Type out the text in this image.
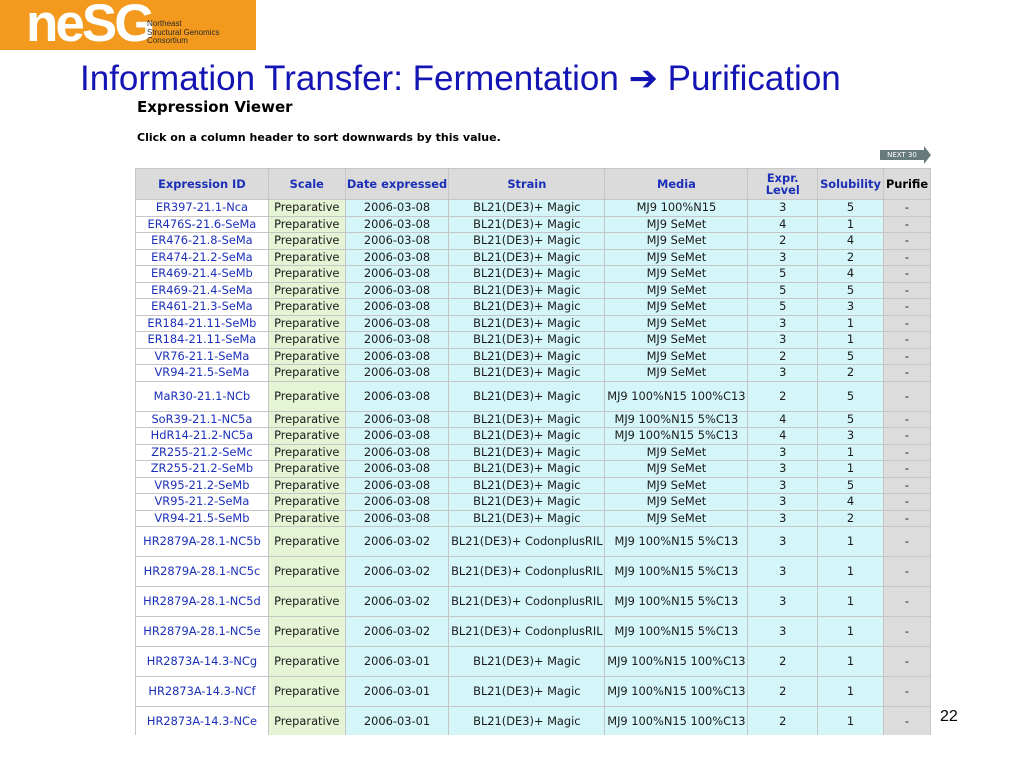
neSG
Northeast
Structural Genomics
Consortium
Information Transfer: Fermentation ➔ Purification
Expression Viewer
Click on a column header to sort downwards by this value.
NEXT 30
Expression ID	Scale	Date expressed	Strain	Media	Expr. Level	Solubility	Purifie
ER397-21.1-Nca	Preparative	2006-03-08	BL21(DE3)+ Magic	MJ9 100%N15	3	5	-
ER476S-21.6-SeMa	Preparative	2006-03-08	BL21(DE3)+ Magic	MJ9 SeMet	4	1	-
ER476-21.8-SeMa	Preparative	2006-03-08	BL21(DE3)+ Magic	MJ9 SeMet	2	4	-
ER474-21.2-SeMa	Preparative	2006-03-08	BL21(DE3)+ Magic	MJ9 SeMet	3	2	-
ER469-21.4-SeMb	Preparative	2006-03-08	BL21(DE3)+ Magic	MJ9 SeMet	5	4	-
ER469-21.4-SeMa	Preparative	2006-03-08	BL21(DE3)+ Magic	MJ9 SeMet	5	5	-
ER461-21.3-SeMa	Preparative	2006-03-08	BL21(DE3)+ Magic	MJ9 SeMet	5	3	-
ER184-21.11-SeMb	Preparative	2006-03-08	BL21(DE3)+ Magic	MJ9 SeMet	3	1	-
ER184-21.11-SeMa	Preparative	2006-03-08	BL21(DE3)+ Magic	MJ9 SeMet	3	1	-
VR76-21.1-SeMa	Preparative	2006-03-08	BL21(DE3)+ Magic	MJ9 SeMet	2	5	-
VR94-21.5-SeMa	Preparative	2006-03-08	BL21(DE3)+ Magic	MJ9 SeMet	3	2	-
MaR30-21.1-NCb	Preparative	2006-03-08	BL21(DE3)+ Magic	MJ9 100%N15 100%C13	2	5	-
SoR39-21.1-NC5a	Preparative	2006-03-08	BL21(DE3)+ Magic	MJ9 100%N15 5%C13	4	5	-
HdR14-21.2-NC5a	Preparative	2006-03-08	BL21(DE3)+ Magic	MJ9 100%N15 5%C13	4	3	-
ZR255-21.2-SeMc	Preparative	2006-03-08	BL21(DE3)+ Magic	MJ9 SeMet	3	1	-
ZR255-21.2-SeMb	Preparative	2006-03-08	BL21(DE3)+ Magic	MJ9 SeMet	3	1	-
VR95-21.2-SeMb	Preparative	2006-03-08	BL21(DE3)+ Magic	MJ9 SeMet	3	5	-
VR95-21.2-SeMa	Preparative	2006-03-08	BL21(DE3)+ Magic	MJ9 SeMet	3	4	-
VR94-21.5-SeMb	Preparative	2006-03-08	BL21(DE3)+ Magic	MJ9 SeMet	3	2	-
HR2879A-28.1-NC5b	Preparative	2006-03-02	BL21(DE3)+ CodonplusRIL	MJ9 100%N15 5%C13	3	1	-
HR2879A-28.1-NC5c	Preparative	2006-03-02	BL21(DE3)+ CodonplusRIL	MJ9 100%N15 5%C13	3	1	-
HR2879A-28.1-NC5d	Preparative	2006-03-02	BL21(DE3)+ CodonplusRIL	MJ9 100%N15 5%C13	3	1	-
HR2879A-28.1-NC5e	Preparative	2006-03-02	BL21(DE3)+ CodonplusRIL	MJ9 100%N15 5%C13	3	1	-
HR2873A-14.3-NCg	Preparative	2006-03-01	BL21(DE3)+ Magic	MJ9 100%N15 100%C13	2	1	-
HR2873A-14.3-NCf	Preparative	2006-03-01	BL21(DE3)+ Magic	MJ9 100%N15 100%C13	2	1	-
HR2873A-14.3-NCe	Preparative	2006-03-01	BL21(DE3)+ Magic	MJ9 100%N15 100%C13	2	1	- 22
